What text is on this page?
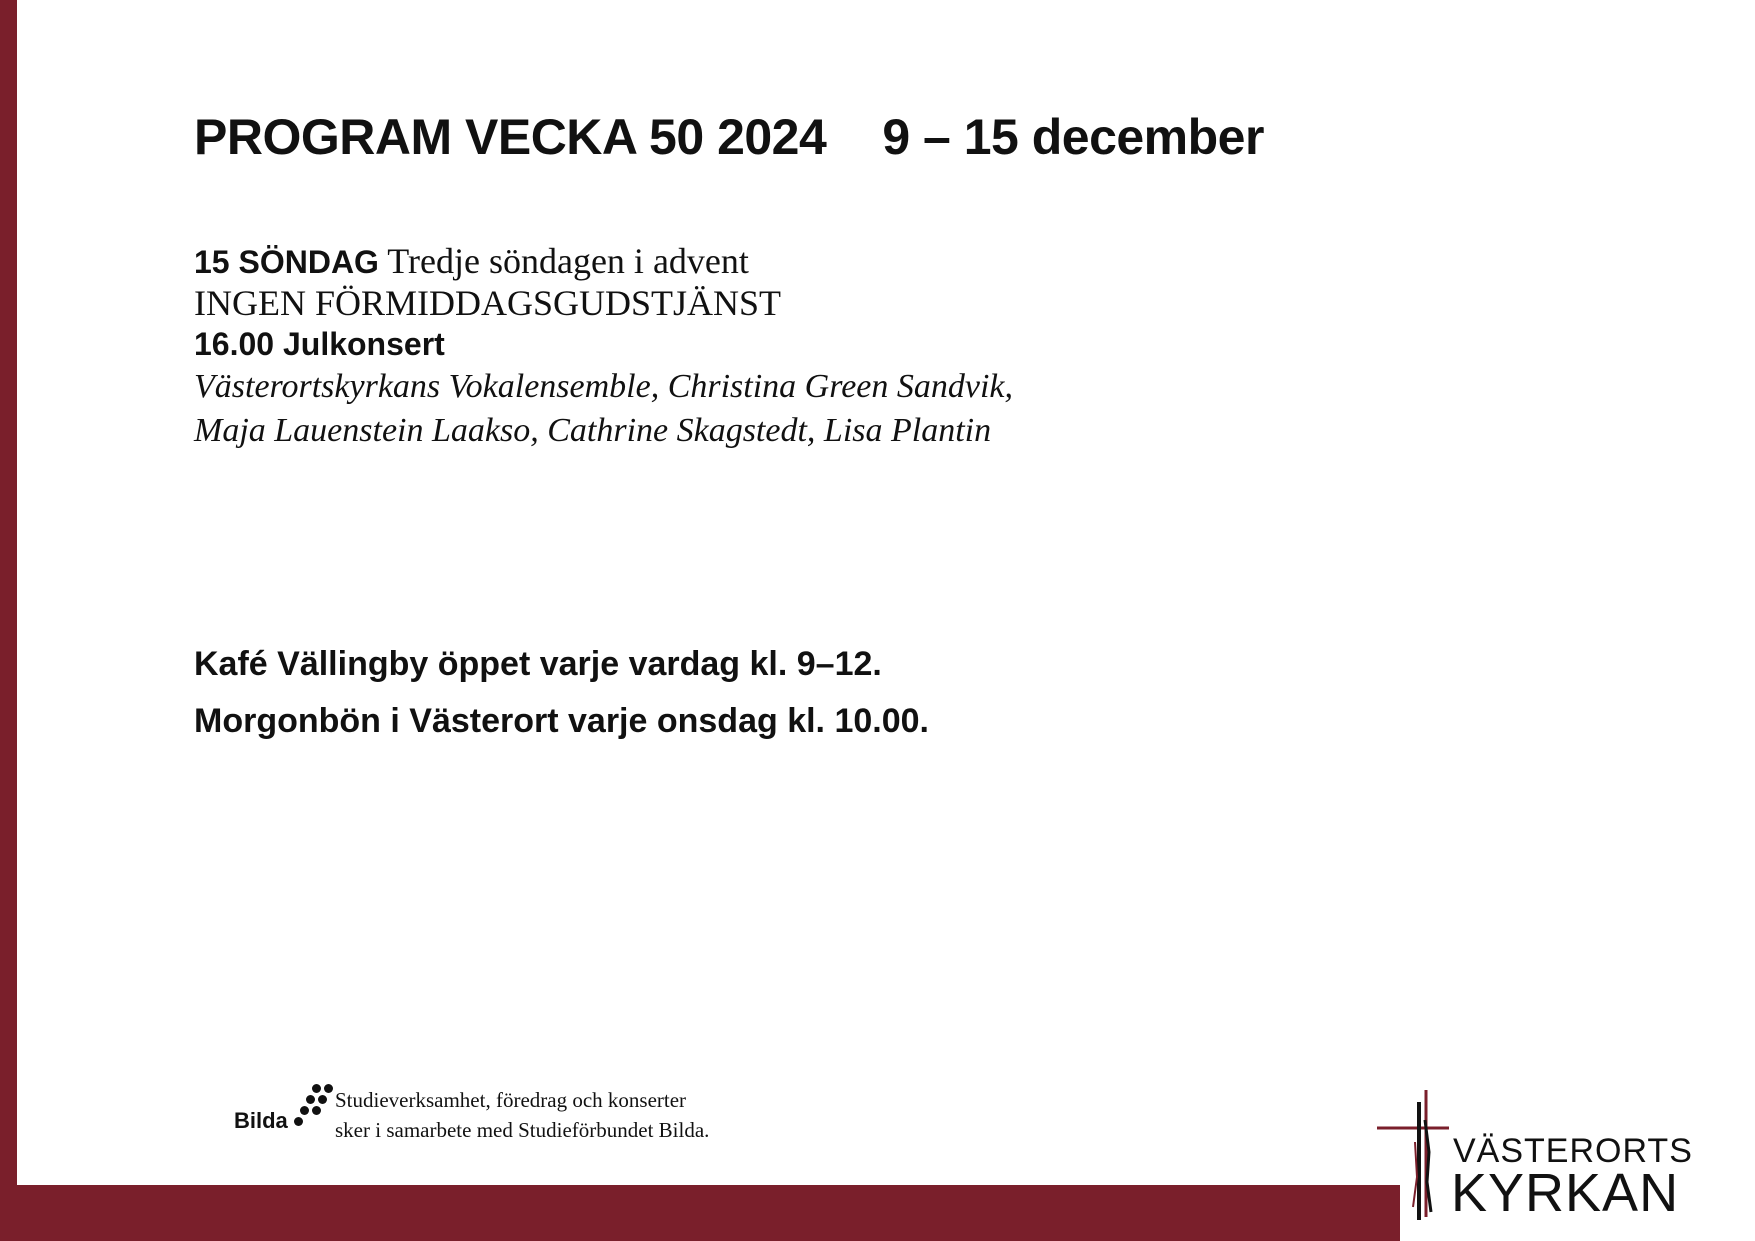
PROGRAM VECKA 50 2024 9 – 15 december

15 SÖNDAG Tredje söndagen i advent

INGEN FÖRMIDDAGSGUDSTJÄNST

16.00 Julkonsert

Västerortskyrkans Vokalensemble, Christina Green Sandvik,

Maja Lauenstein Laakso, Cathrine Skagstedt, Lisa Plantin

Kafé Vällingby öppet varje vardag kl. 9–12.

Morgonbön i Västerort varje onsdag kl. 10.00.

Bilda
Studieverksamhet, föredrag och konserter
sker i samarbete med Studieförbundet Bilda.
VÄSTERORTS
KYRKAN
